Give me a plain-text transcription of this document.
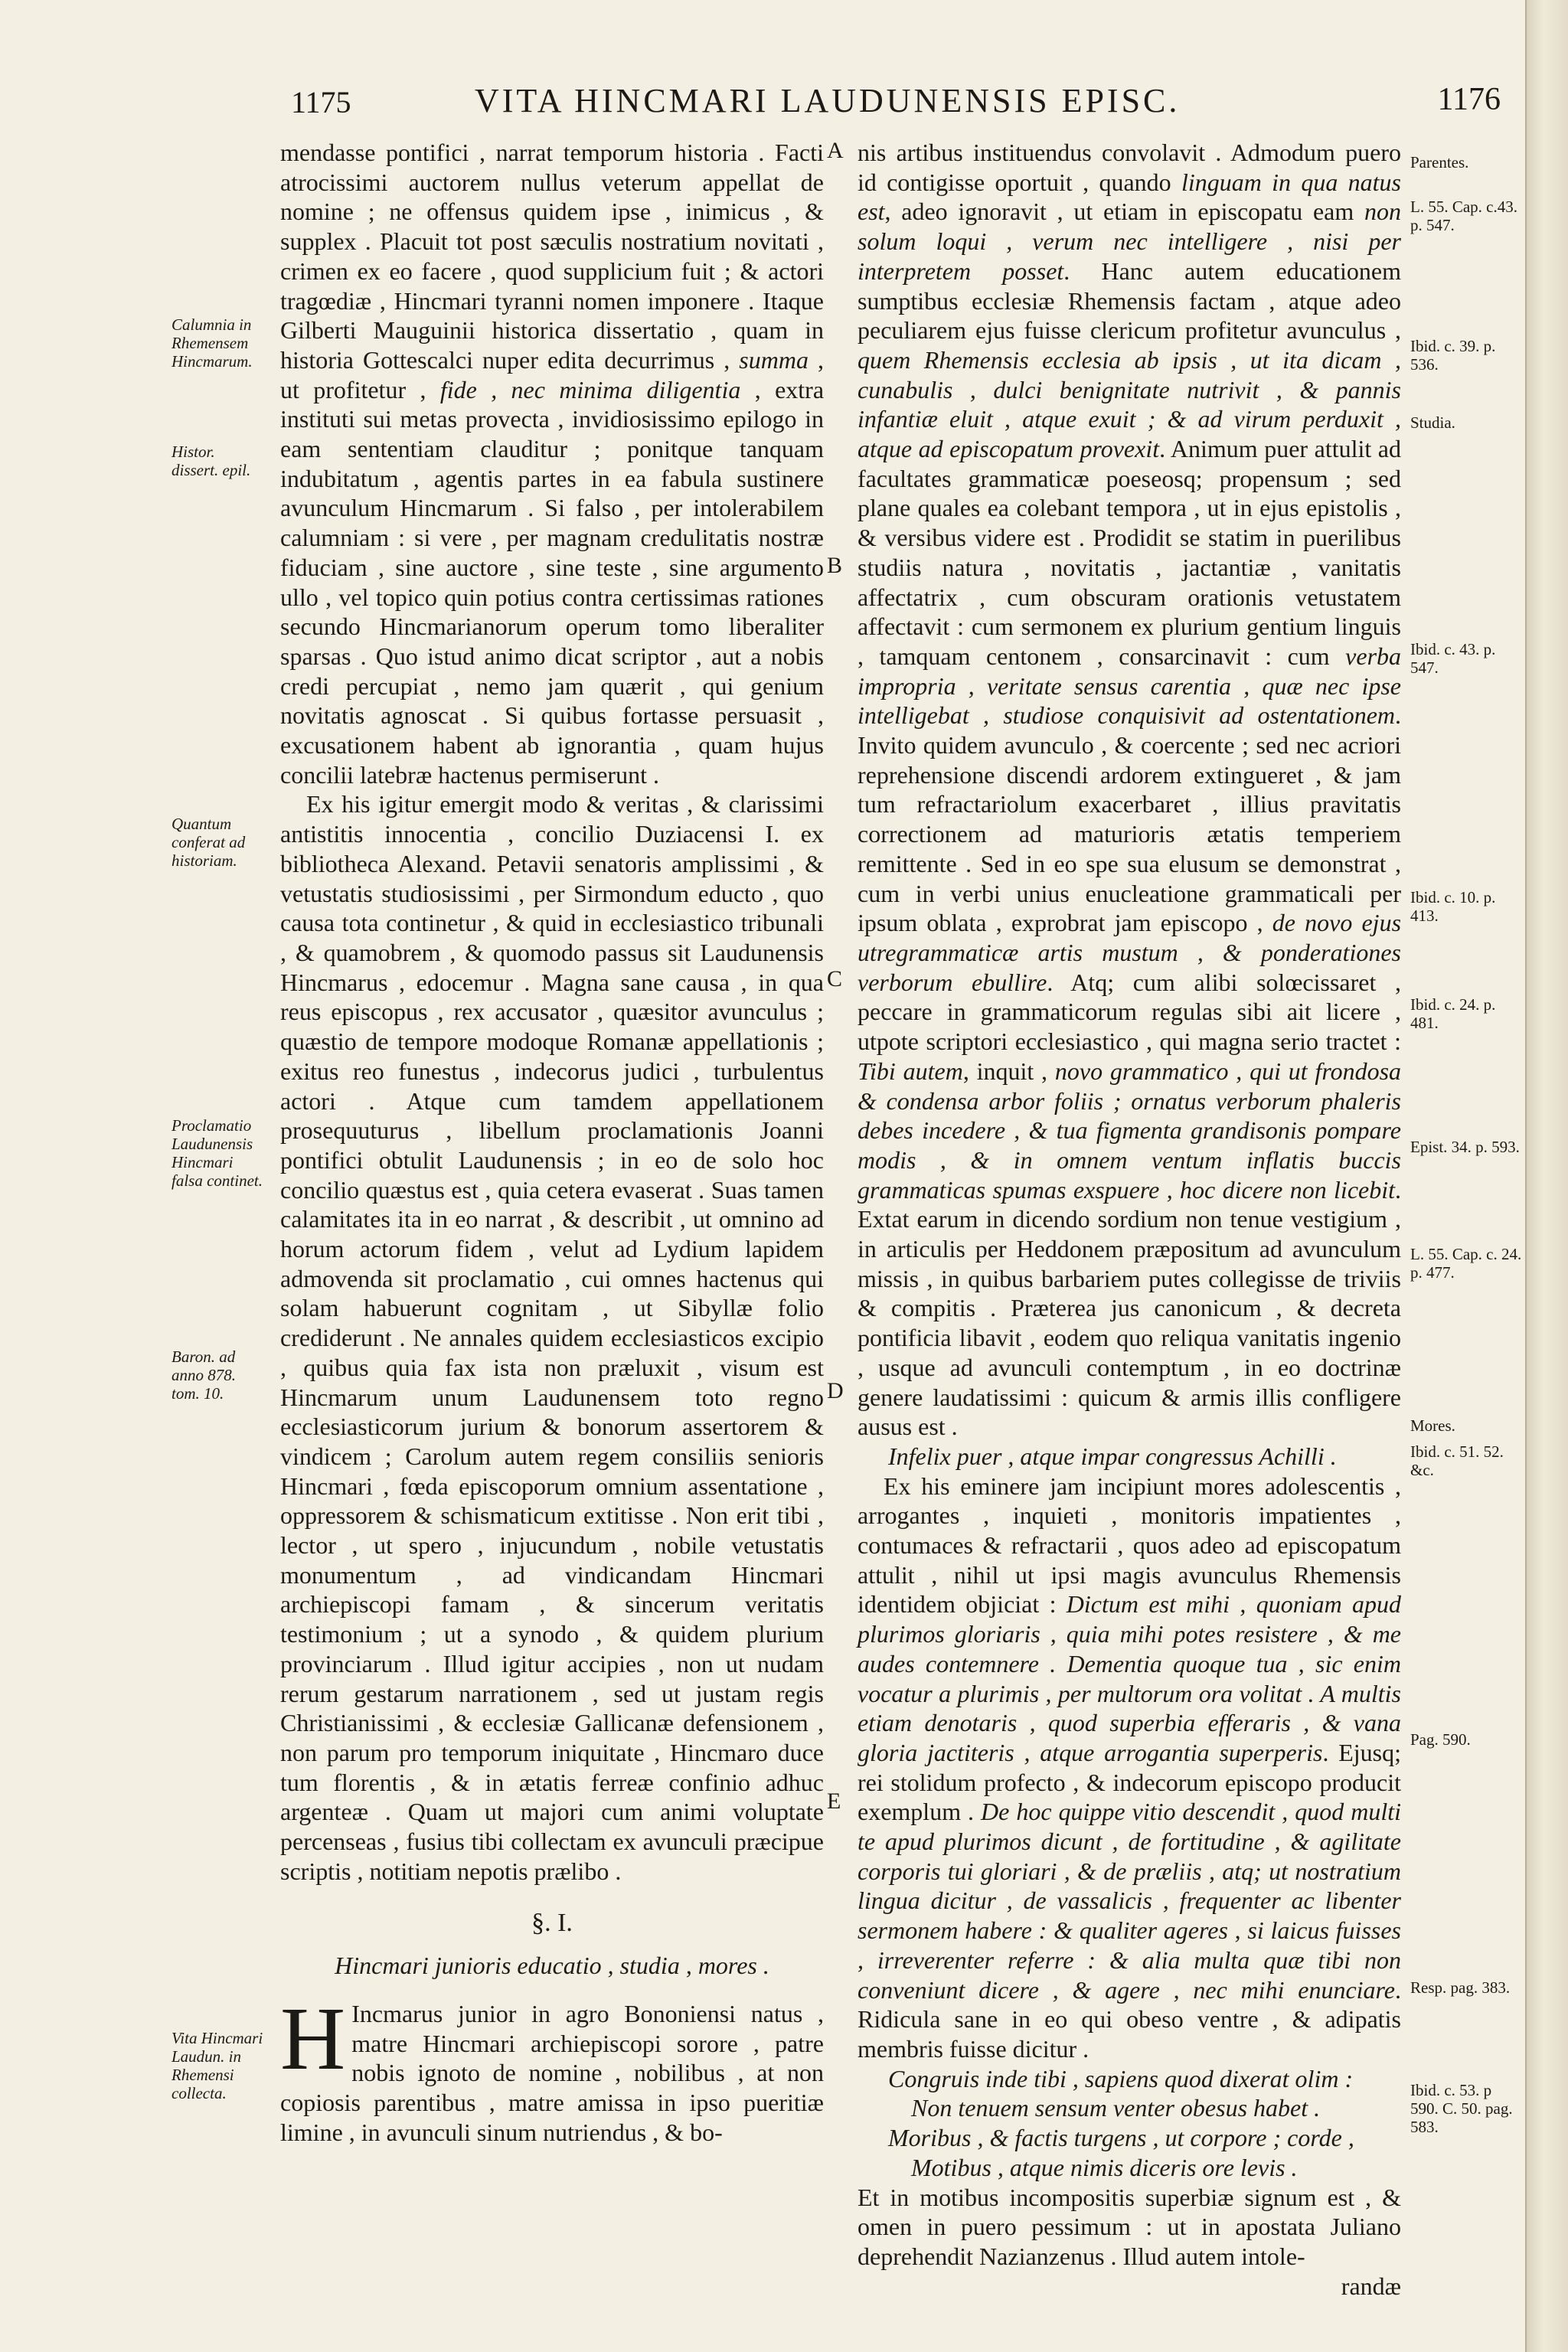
1175	VITA HINCMARI LAUDUNENSIS EPISC.	1176
Calumnia in Rhemensem Hincmarum.
Histor. dissert. epil.
Quantum conferat ad historiam.
Proclamatio Laudunensis Hincmari falsa continet.
Baron. ad anno 878. tom. 10.
Vita Hincmari Laudun. in Rhemensi collecta.
A
B
C
D
E

mendasse pontifici , narrat temporum historia . Facti atrocissimi auctorem nullus veterum appellat de nomine ; ne offensus quidem ipse , inimicus , & supplex . Placuit tot post sæculis nostratium novitati , crimen ex eo facere , quod supplicium fuit ; & actori tragœdiæ , Hincmari tyranni nomen imponere . Itaque Gilberti Mauguinii historica dissertatio , quam in historia Gottescalci nuper edita decurrimus , summa , ut profitetur , fide , nec minima diligentia , extra instituti sui metas provecta , invidiosissimo epilogo in eam sententiam clauditur ; ponitque tanquam indubitatum , agentis partes in ea fabula sustinere avunculum Hincmarum . Si falso , per intolerabilem calumniam : si vere , per magnam credulitatis nostræ fiduciam , sine auctore , sine teste , sine argumento ullo , vel topico quin potius contra certissimas rationes secundo Hincmarianorum operum tomo liberaliter sparsas . Quo istud animo dicat scriptor , aut a nobis credi percupiat , nemo jam quærit , qui genium novitatis agnoscat . Si quibus fortasse persuasit , excusationem habent ab ignorantia , quam hujus concilii latebræ hactenus permiserunt .

Ex his igitur emergit modo & veritas , & clarissimi antistitis innocentia , concilio Duziacensi I. ex bibliotheca Alexand. Petavii senatoris amplissimi , & vetustatis studiosissimi , per Sirmondum educto , quo causa tota continetur , & quid in ecclesiastico tribunali , & quamobrem , & quomodo passus sit Laudunensis Hincmarus , edocemur . Magna sane causa , in qua reus episcopus , rex accusator , quæsitor avunculus ; quæstio de tempore modoque Romanæ appellationis ; exitus reo funestus , indecorus judici , turbulentus actori . Atque cum tamdem appellationem prosequuturus , libellum proclamationis Joanni pontifici obtulit Laudunensis ; in eo de solo hoc concilio quæstus est , quia cetera evaserat . Suas tamen calamitates ita in eo narrat , & describit , ut omnino ad horum actorum fidem , velut ad Lydium lapidem admovenda sit proclamatio , cui omnes hactenus qui solam habuerunt cognitam , ut Sibyllæ folio crediderunt . Ne annales quidem ecclesiasticos excipio , quibus quia fax ista non præluxit , visum est Hincmarum unum Laudunensem toto regno ecclesiasticorum jurium & bonorum assertorem & vindicem ; Carolum autem regem consiliis senioris Hincmari , fœda episcoporum omnium assentatione , oppressorem & schismaticum extitisse . Non erit tibi , lector , ut spero , injucundum , nobile vetustatis monumentum , ad vindicandam Hincmari archiepiscopi famam , & sincerum veritatis testimonium ; ut a synodo , & quidem plurium provinciarum . Illud igitur accipies , non ut nudam rerum gestarum narrationem , sed ut justam regis Christianissimi , & ecclesiæ Gallicanæ defensionem , non parum pro temporum iniquitate , Hincmaro duce tum florentis , & in ætatis ferreæ confinio adhuc argenteæ . Quam ut majori cum animi voluptate percenseas , fusius tibi collectam ex avunculi præcipue scriptis , notitiam nepotis prælibo .

§. I.
Hincmari junioris educatio , studia , mores .

H Incmarus junior in agro Bononiensi natus , matre Hincmari archiepiscopi sorore , patre nobis ignoto de nomine , nobilibus , at non copiosis parentibus , matre amissa in ipso pueritiæ limine , in avunculi sinum nutriendus , & bo-

nis artibus instituendus convolavit . Admodum puero id contigisse oportuit , quando linguam in qua natus est, adeo ignoravit , ut etiam in episcopatu eam non solum loqui , verum nec intelligere , nisi per interpretem posset. Hanc autem educationem sumptibus ecclesiæ Rhemensis factam , atque adeo peculiarem ejus fuisse clericum profitetur avunculus , quem Rhemensis ecclesia ab ipsis , ut ita dicam , cunabulis , dulci benignitate nutrivit , & pannis infantiæ eluit , atque exuit ; & ad virum perduxit , atque ad episcopatum provexit. Animum puer attulit ad facultates grammaticæ poeseosq; propensum ; sed plane quales ea colebant tempora , ut in ejus epistolis , & versibus videre est . Prodidit se statim in puerilibus studiis natura , novitatis , jactantiæ , vanitatis affectatrix , cum obscuram orationis vetustatem affectavit : cum sermonem ex plurium gentium linguis , tamquam centonem , consarcinavit : cum verba impropria , veritate sensus carentia , quæ nec ipse intelligebat , studiose conquisivit ad ostentationem. Invito quidem avunculo , & coercente ; sed nec acriori reprehensione discendi ardorem extingueret , & jam tum refractariolum exacerbaret , illius pravitatis correctionem ad maturioris ætatis temperiem remittente . Sed in eo spe sua elusum se demonstrat , cum in verbi unius enucleatione grammaticali per ipsum oblata , exprobrat jam episcopo , de novo ejus utregrammaticæ artis mustum , & ponderationes verborum ebullire. Atq; cum alibi solœcissaret , peccare in grammaticorum regulas sibi ait licere , utpote scriptori ecclesiastico , qui magna serio tractet : Tibi autem, inquit , novo grammatico , qui ut frondosa & condensa arbor foliis ; ornatus verborum phaleris debes incedere , & tua figmenta grandisonis pompare modis , & in omnem ventum inflatis buccis grammaticas spumas exspuere , hoc dicere non licebit. Extat earum in dicendo sordium non tenue vestigium , in articulis per Heddonem præpositum ad avunculum missis , in quibus barbariem putes collegisse de triviis & compitis . Præterea jus canonicum , & decreta pontificia libavit , eodem quo reliqua vanitatis ingenio , usque ad avunculi contemptum , in eo doctrinæ genere laudatissimi : quicum & armis illis confligere ausus est .

Infelix puer , atque impar congressus Achilli .

Ex his eminere jam incipiunt mores adolescentis , arrogantes , inquieti , monitoris impatientes , contumaces & refractarii , quos adeo ad episcopatum attulit , nihil ut ipsi magis avunculus Rhemensis identidem objiciat : Dictum est mihi , quoniam apud plurimos gloriaris , quia mihi potes resistere , & me audes contemnere . Dementia quoque tua , sic enim vocatur a plurimis , per multorum ora volitat . A multis etiam denotaris , quod superbia efferaris , & vana gloria jactiteris , atque arrogantia superperis. Ejusq; rei stolidum profecto , & indecorum episcopo producit exemplum . De hoc quippe vitio descendit , quod multi te apud plurimos dicunt , de fortitudine , & agilitate corporis tui gloriari , & de præliis , atq; ut nostratium lingua dicitur , de vassalicis , frequenter ac libenter sermonem habere : & qualiter ageres , si laicus fuisses , irreverenter referre : & alia multa quæ tibi non conveniunt dicere , & agere , nec mihi enunciare. Ridicula sane in eo qui obeso ventre , & adipatis membris fuisse dicitur .

Congruis inde tibi , sapiens quod dixerat olim :

Non tenuem sensum venter obesus habet .

Moribus , & factis turgens , ut corpore ; corde ,

Motibus , atque nimis diceris ore levis .

Et in motibus incompositis superbiæ signum est , & omen in puero pessimum : ut in apostata Juliano deprehendit Nazianzenus . Illud autem intole-

randæ

Parentes.
L. 55. Cap. c.43. p. 547.
Ibid. c. 39. p. 536.
Studia.
Ibid. c. 43. p. 547.
Ibid. c. 10. p. 413.
Ibid. c. 24. p. 481.
Epist. 34. p. 593.
L. 55. Cap. c. 24. p. 477.
Mores.
Ibid. c. 51. 52. &c.
Pag. 590.
Resp. pag. 383.
Ibid. c. 53. p 590. C. 50. pag. 583.
